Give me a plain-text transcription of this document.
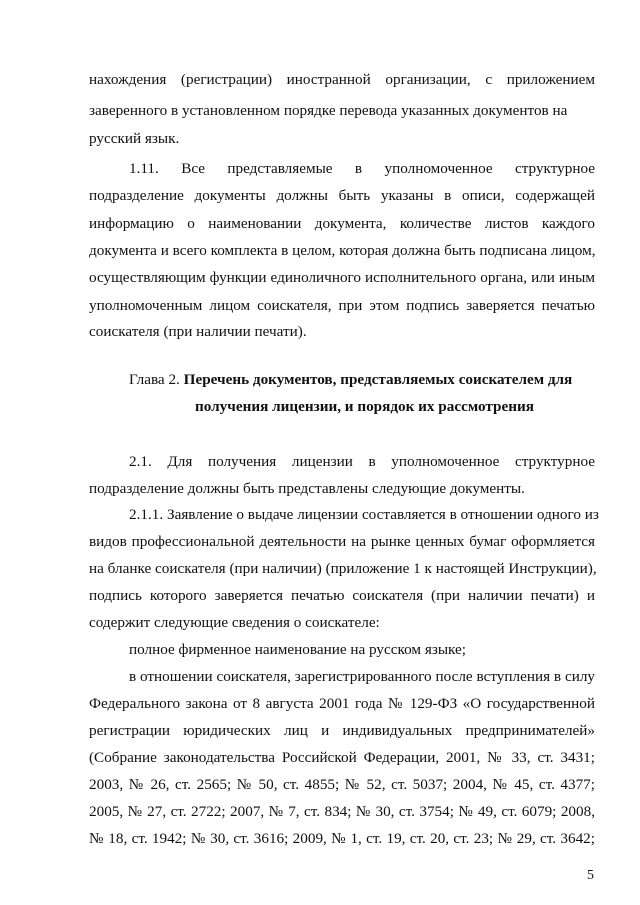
нахождения (регистрации) иностранной организации, с приложением
заверенного в установленном порядке перевода указанных документов на
русский язык.
1.11. Все представляемые в уполномоченное структурное
подразделение документы должны быть указаны в описи, содержащей
информацию о наименовании документа, количестве листов каждого
документа и всего комплекта в целом, которая должна быть подписана лицом,
осуществляющим функции единоличного исполнительного органа, или иным
уполномоченным лицом соискателя, при этом подпись заверяется печатью
соискателя (при наличии печати).
Глава 2. Перечень документов, представляемых соискателем для
получения лицензии, и порядок их рассмотрения
2.1. Для получения лицензии в уполномоченное структурное
подразделение должны быть представлены следующие документы.
2.1.1. Заявление о выдаче лицензии составляется в отношении одного из
видов профессиональной деятельности на рынке ценных бумаг оформляется
на бланке соискателя (при наличии) (приложение 1 к настоящей Инструкции),
подпись которого заверяется печатью соискателя (при наличии печати) и
содержит следующие сведения о соискателе:
полное фирменное наименование на русском языке;
в отношении соискателя, зарегистрированного после вступления в силу
Федерального закона от 8 августа 2001 года № 129-ФЗ «О государственной
регистрации юридических лиц и индивидуальных предпринимателей»
(Собрание законодательства Российской Федерации, 2001, № 33, ст. 3431;
2003, № 26, ст. 2565; № 50, ст. 4855; № 52, ст. 5037; 2004, № 45, ст. 4377;
2005, № 27, ст. 2722; 2007, № 7, ст. 834; № 30, ст. 3754; № 49, ст. 6079; 2008,
№ 18, ст. 1942; № 30, ст. 3616; 2009, № 1, ст. 19, ст. 20, ст. 23; № 29, ст. 3642;
5
